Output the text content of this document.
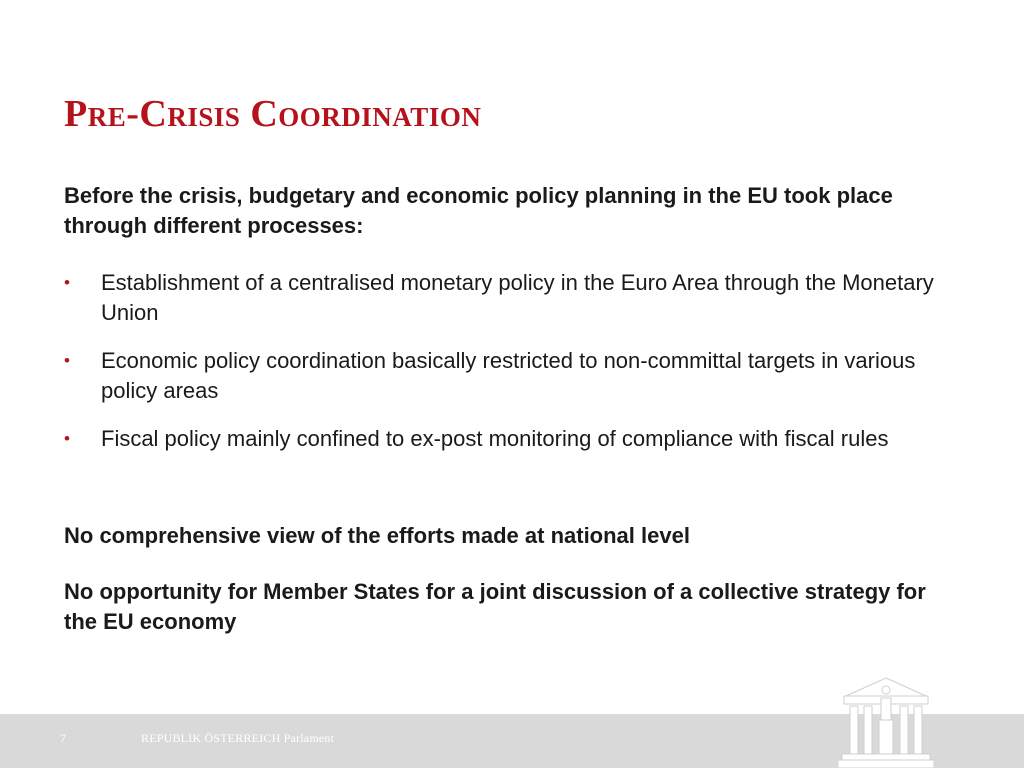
Pre-Crisis Coordination

Before the crisis, budgetary and economic policy planning in the EU took place through different processes:

• Establishment of a centralised monetary policy in the Euro Area through the Monetary Union
• Economic policy coordination basically restricted to non-committal targets in various policy areas
• Fiscal policy mainly confined to ex-post monitoring of compliance with fiscal rules

No comprehensive view of the efforts made at national level

No opportunity for Member States for a joint discussion of a collective strategy for the EU economy

7	REPUBLIK ÖSTERREICH Parlament
